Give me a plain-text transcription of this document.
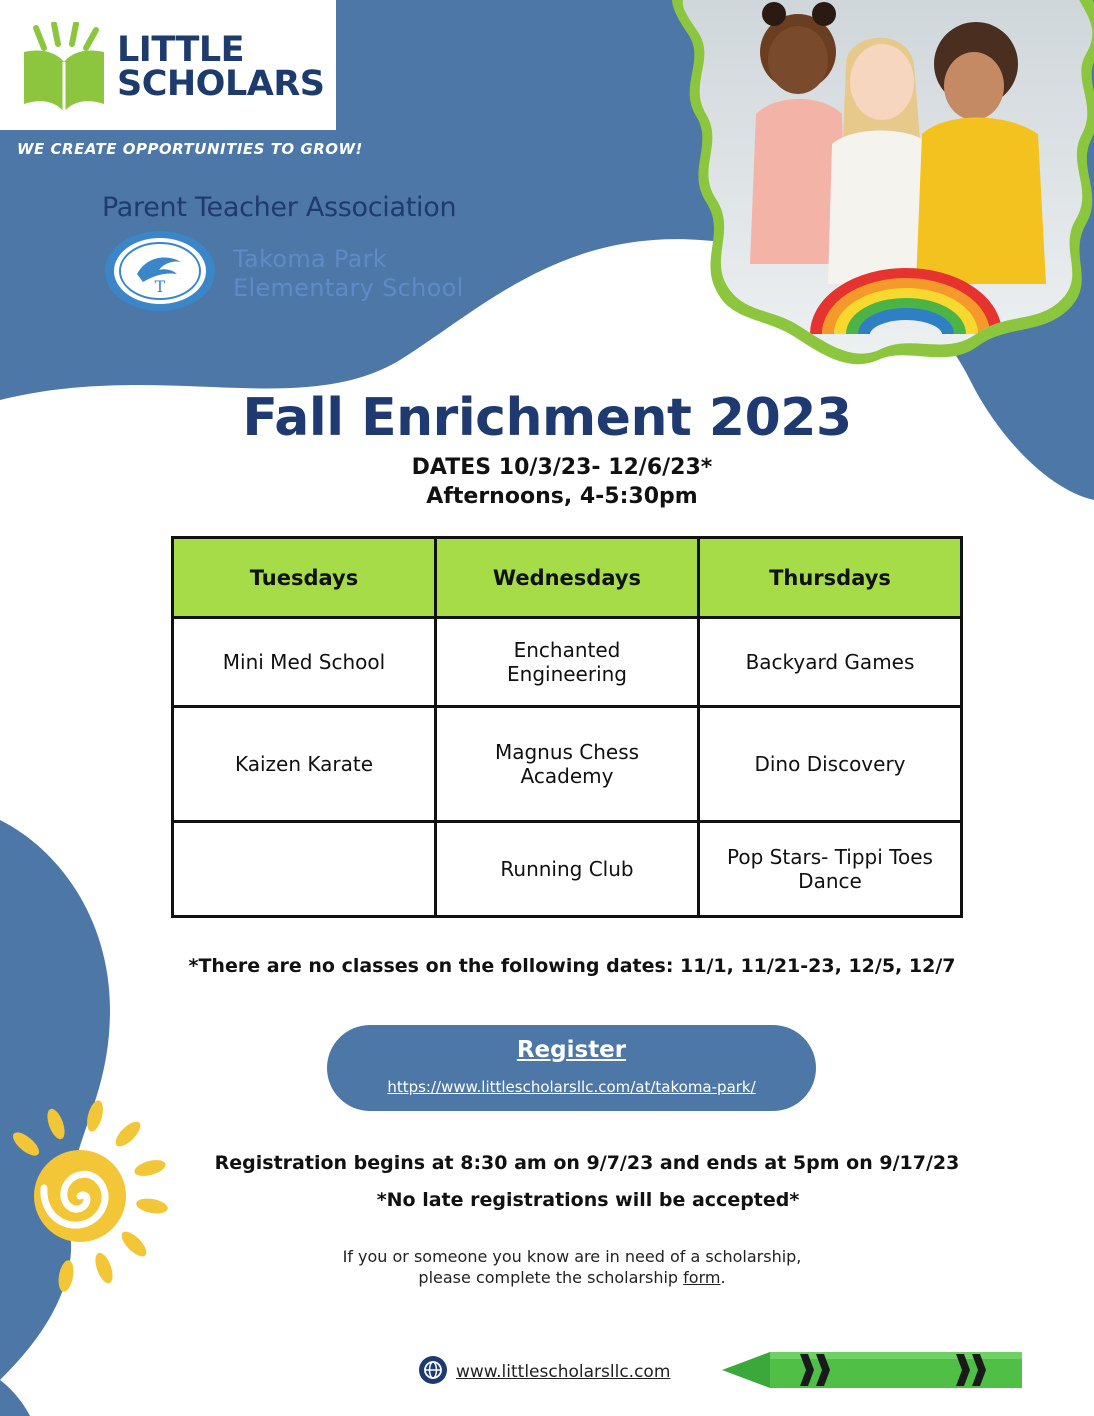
LITTLE
SCHOLARS
WE CREATE OPPORTUNITIES TO GROW!
Parent Teacher Association
T
Takoma Park
Elementary School
Fall Enrichment 2023
DATES 10/3/23- 12/6/23*
Afternoons, 4-5:30pm
Tuesdays	Wednesdays	Thursdays
Mini Med School	Enchanted Engineering	Backyard Games
Kaizen Karate	Magnus Chess Academy	Dino Discovery
	Running Club	Pop Stars- Tippi Toes Dance
*There are no classes on the following dates: 11/1, 11/21-23, 12/5, 12/7
Register
https://www.littlescholarsllc.com/at/takoma-park/
Registration begins at 8:30 am on 9/7/23 and ends at 5pm on 9/17/23
*No late registrations will be accepted*
If you or someone you know are in need of a scholarship,
please complete the scholarship form.
www.littlescholarsllc.com
